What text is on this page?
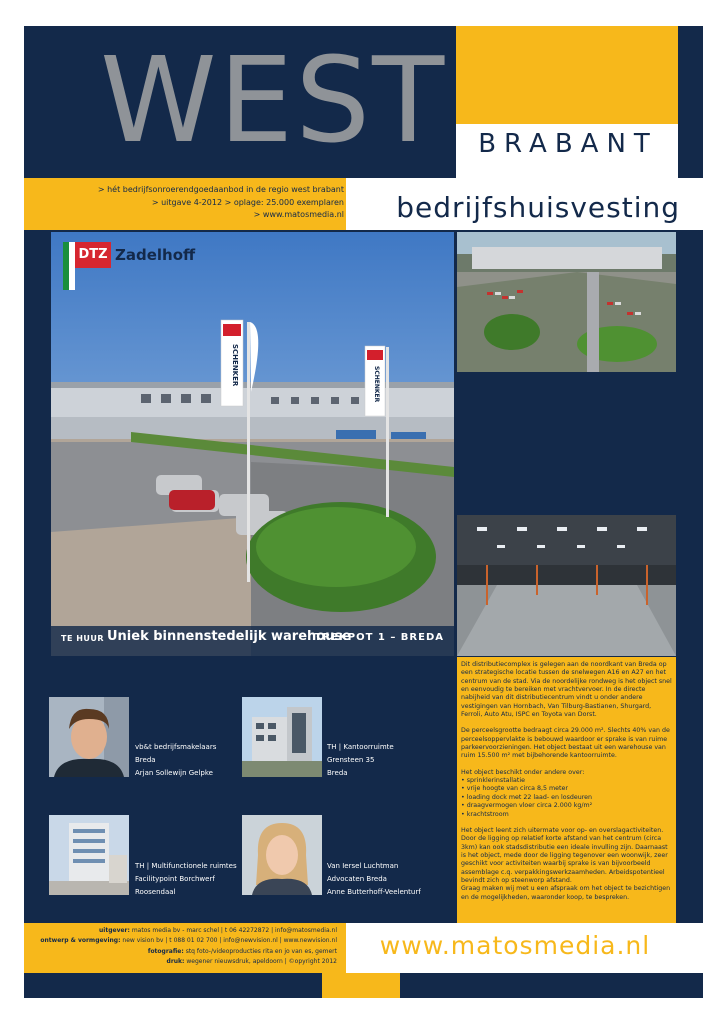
WEST	BRABANT
> hét bedrijfsonroerendgoedaanbod in de regio west brabant
> uitgave 4-2012 > oplage: 25.000 exemplaren
> www.matosmedia.nl	bedrijfshuisvesting
SCHENKER	SCHENKER
DTZ Zadelhoff
TE HUUR Uniek binnenstedelijk warehouse
TREKPOT 1 – BREDA

Dit distributiecomplex is gelegen aan de noordkant van Breda op een strategische locatie tussen de snelwegen A16 en A27 en het centrum van de stad. Via de noordelijke rondweg is het object snel en eenvoudig te bereiken met vrachtvervoer. In de directe nabijheid van dit distributiecentrum vindt u onder andere vestigingen van Hornbach, Van Tilburg-Bastianen, Shurgard, Ferroli, Auto Atu, ISPC en Toyota van Dorst.

De perceelsgrootte bedraagt circa 29.000 m². Slechts 40% van de perceelsoppervlakte is bebouwd waardoor er sprake is van ruime parkeervoorzieningen. Het object bestaat uit een warehouse van ruim 15.500 m² met bijbehorende kantoorruimte.

Het object beschikt onder andere over:
• sprinklerinstallatie
• vrije hoogte van circa 8,5 meter
• loading dock met 22 laad- en losdeuren
• draagvermogen vloer circa 2.000 kg/m²
• krachtstroom

Het object leent zich uitermate voor op- en overslagactiviteiten. Door de ligging op relatief korte afstand van het centrum (circa 3km) kan ook stadsdistributie een ideale invulling zijn. Daarnaast is het object, mede door de ligging tegenover een woonwijk, zeer geschikt voor activiteiten waarbij sprake is van bijvoorbeeld assemblage c.q. verpakkingswerkzaamheden. Arbeidspotentieel bevindt zich op steenworp afstand.

Graag maken wij met u een afspraak om het object te bezichtigen en de mogelijkheden, waaronder koop, te bespreken.

vb&t bedrijfsmakelaars
Breda
Arjan Sollewijn Gelpke
TH | Kantoorruimte
Grensteen 35
Breda
TH | Multifunctionele ruimtes
Facilitypoint Borchwerf
Roosendaal
Van Iersel Luchtman
Advocaten Breda
Anne Butterhoff-Veelenturf
uitgever: matos media bv - marc schel | t 06 42272872 | info@matosmedia.nl
ontwerp & vormgeving: new vision bv | t 088 01 02 700 | info@newvision.nl | www.newvision.nl
fotografie: stq foto-/videoproducties rita en jo van es, gemert
druk: wegener nieuwsdruk, apeldoorn | ©opyright 2012
www.matosmedia.nl
